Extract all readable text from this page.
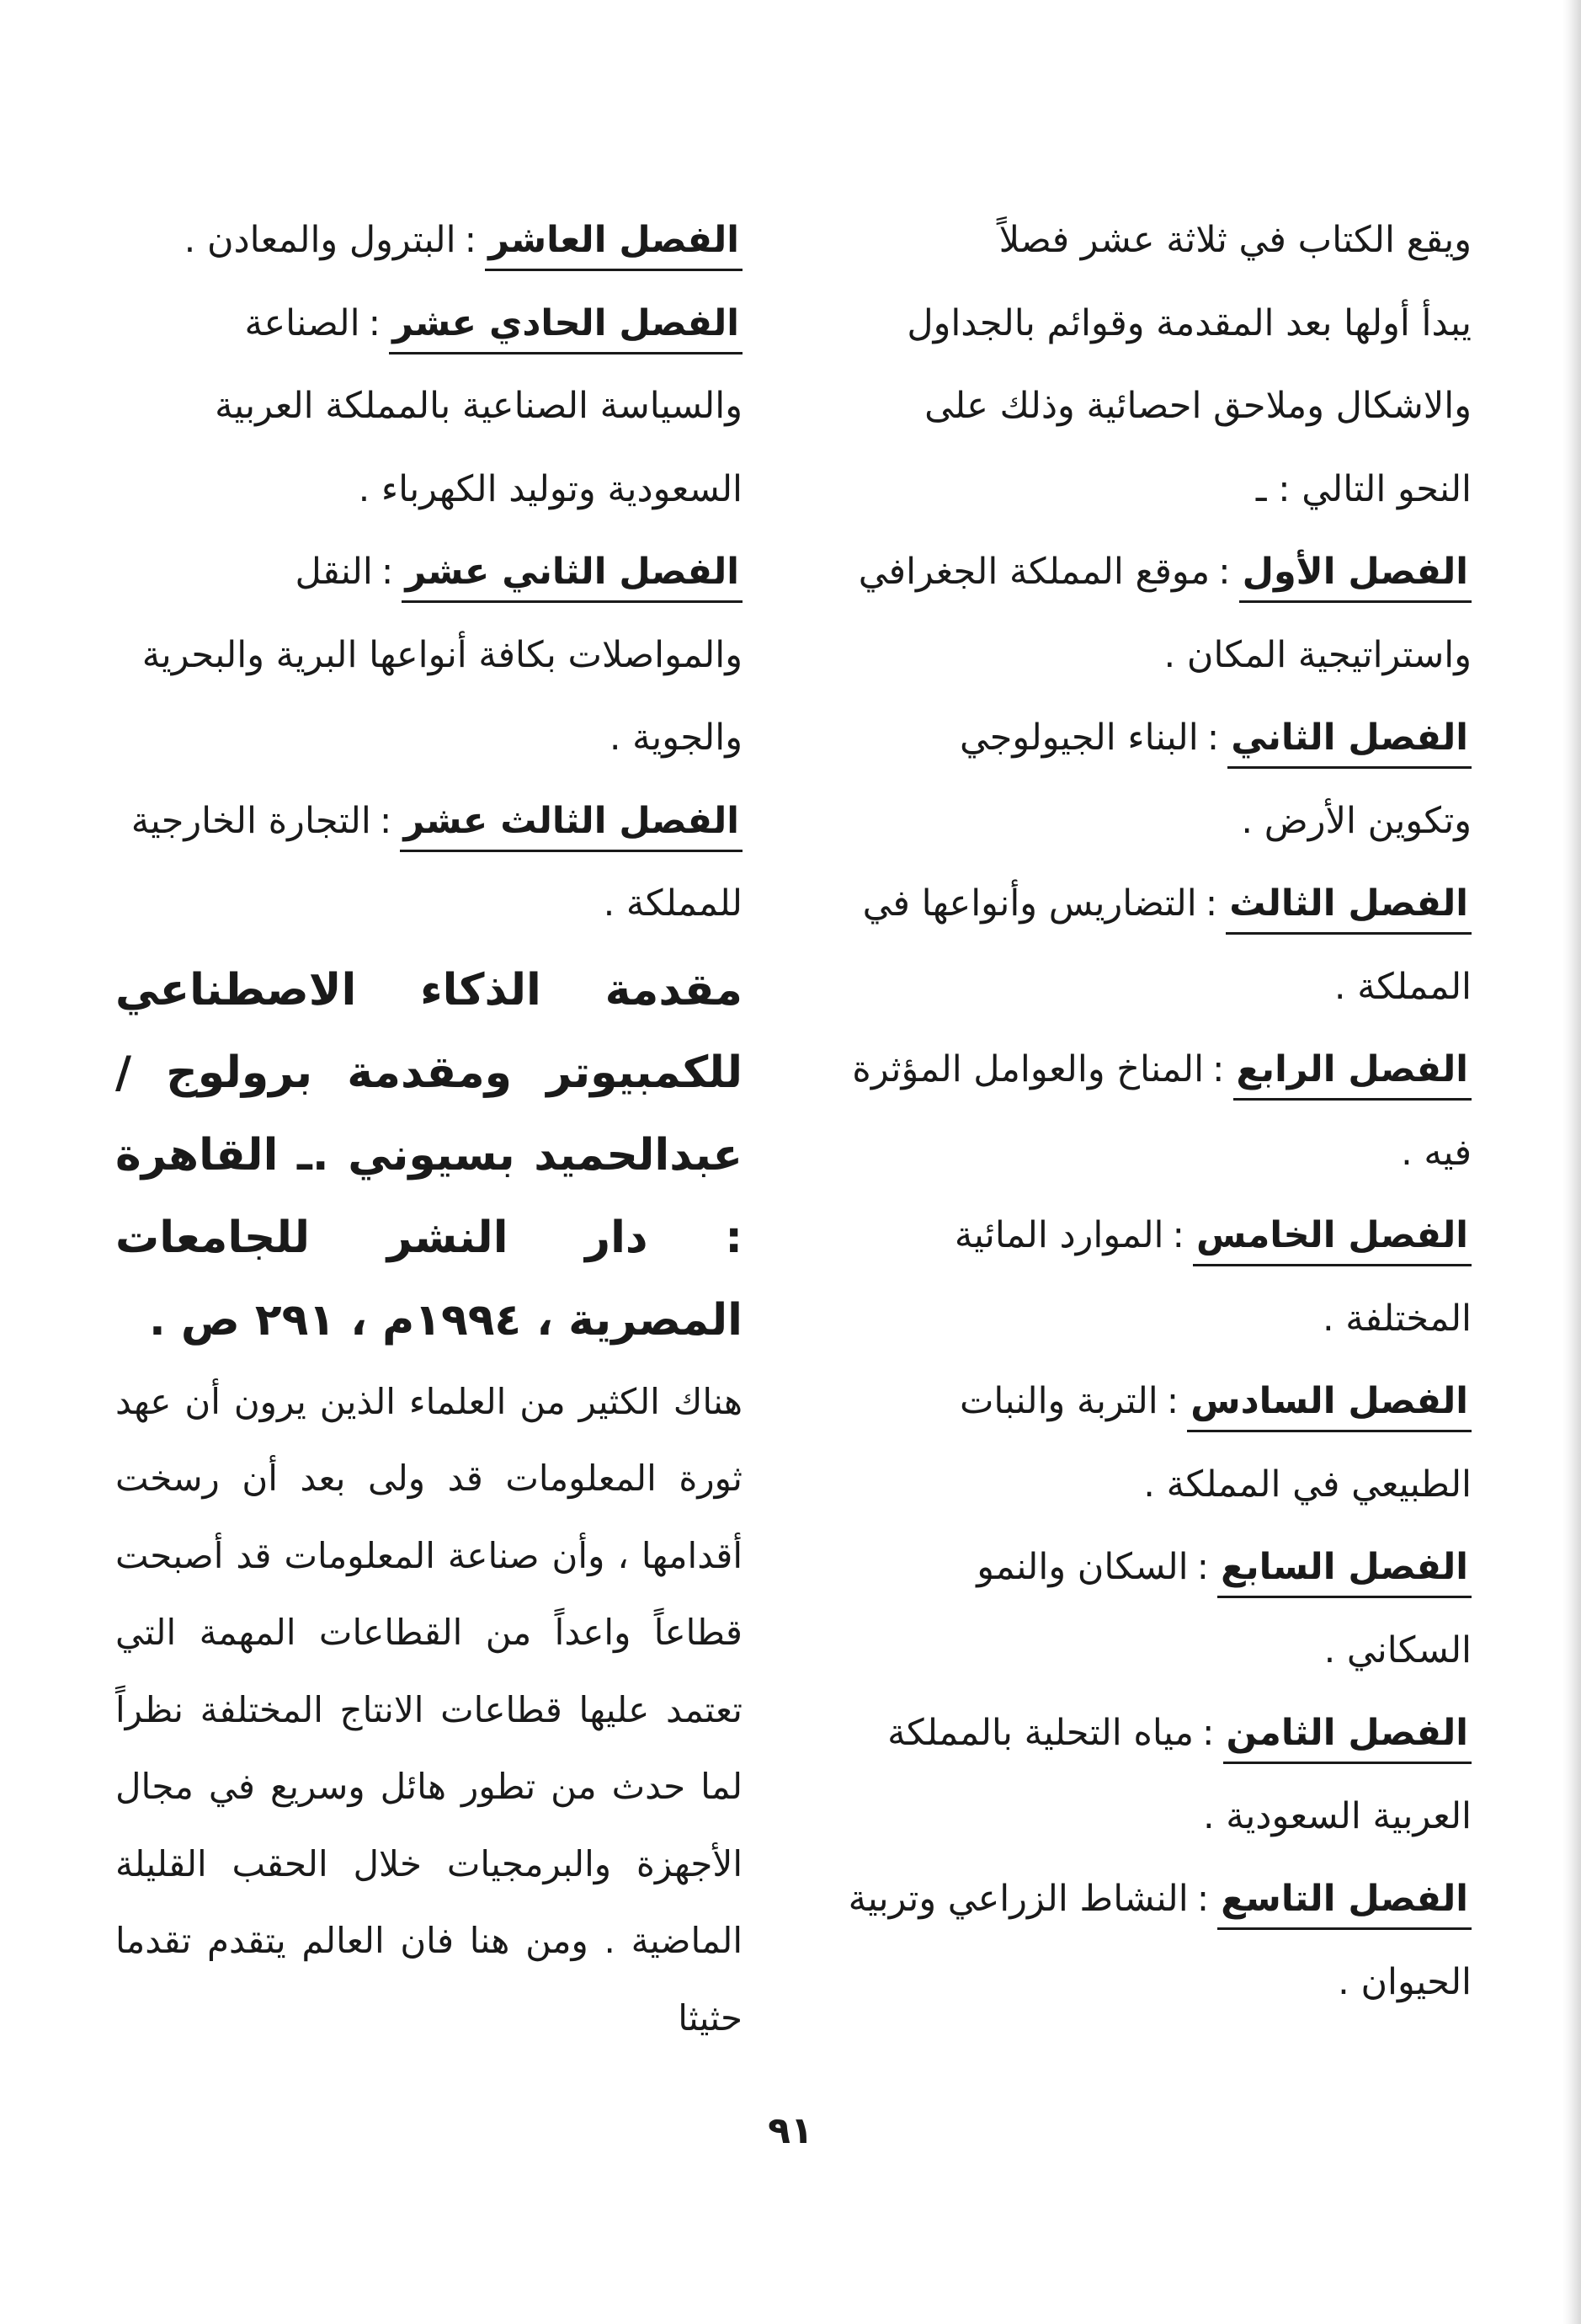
ويقع الكتاب في ثلاثة عشر فصلاً
يبدأ أولها بعد المقدمة وقوائم بالجداول
والاشكال وملاحق احصائية وذلك على
النحو التالي : ـ
الفصل الأول:موقع المملكة الجغرافي واستراتيجية المكان .
الفصل الثاني:البناء الجيولوجي وتكوين الأرض .
الفصل الثالث:التضاريس وأنواعها في المملكة .
الفصل الرابع:المناخ والعوامل المؤثرة فيه .
الفصل الخامس:الموارد المائية المختلفة .
الفصل السادس:التربة والنبات الطبيعي في المملكة .
الفصل السابع:السكان والنمو السكاني .
الفصل الثامن:مياه التحلية بالمملكة العربية السعودية .
الفصل التاسع:النشاط الزراعي وتربية الحيوان .
الفصل العاشر:البترول والمعادن .
الفصل الحادي عشر:الصناعة والسياسة الصناعية بالمملكة العربية السعودية وتوليد الكهرباء .
الفصل الثاني عشر:النقل والمواصلات بكافة أنواعها البرية والبحرية والجوية .
الفصل الثالث عشر:التجارة الخارجية للمملكة .
مقدمة الذكاء الاصطناعي للكمبيوتر ومقدمة برولوج / عبدالحميد بسيوني .ـ القاهرة : دار النشر للجامعات المصرية ، ١٩٩٤م ، ٢٩١ ص .
هناك الكثير من العلماء الذين يرون أن عهد ثورة المعلومات قد ولى بعد أن رسخت أقدامها ، وأن صناعة المعلومات قد أصبحت قطاعاً واعداً من القطاعات المهمة التي تعتمد عليها قطاعات الانتاج المختلفة نظراً لما حدث من تطور هائل وسريع في مجال الأجهزة والبرمجيات خلال الحقب القليلة الماضية . ومن هنا فان العالم يتقدم تقدما حثيثا
٩١
